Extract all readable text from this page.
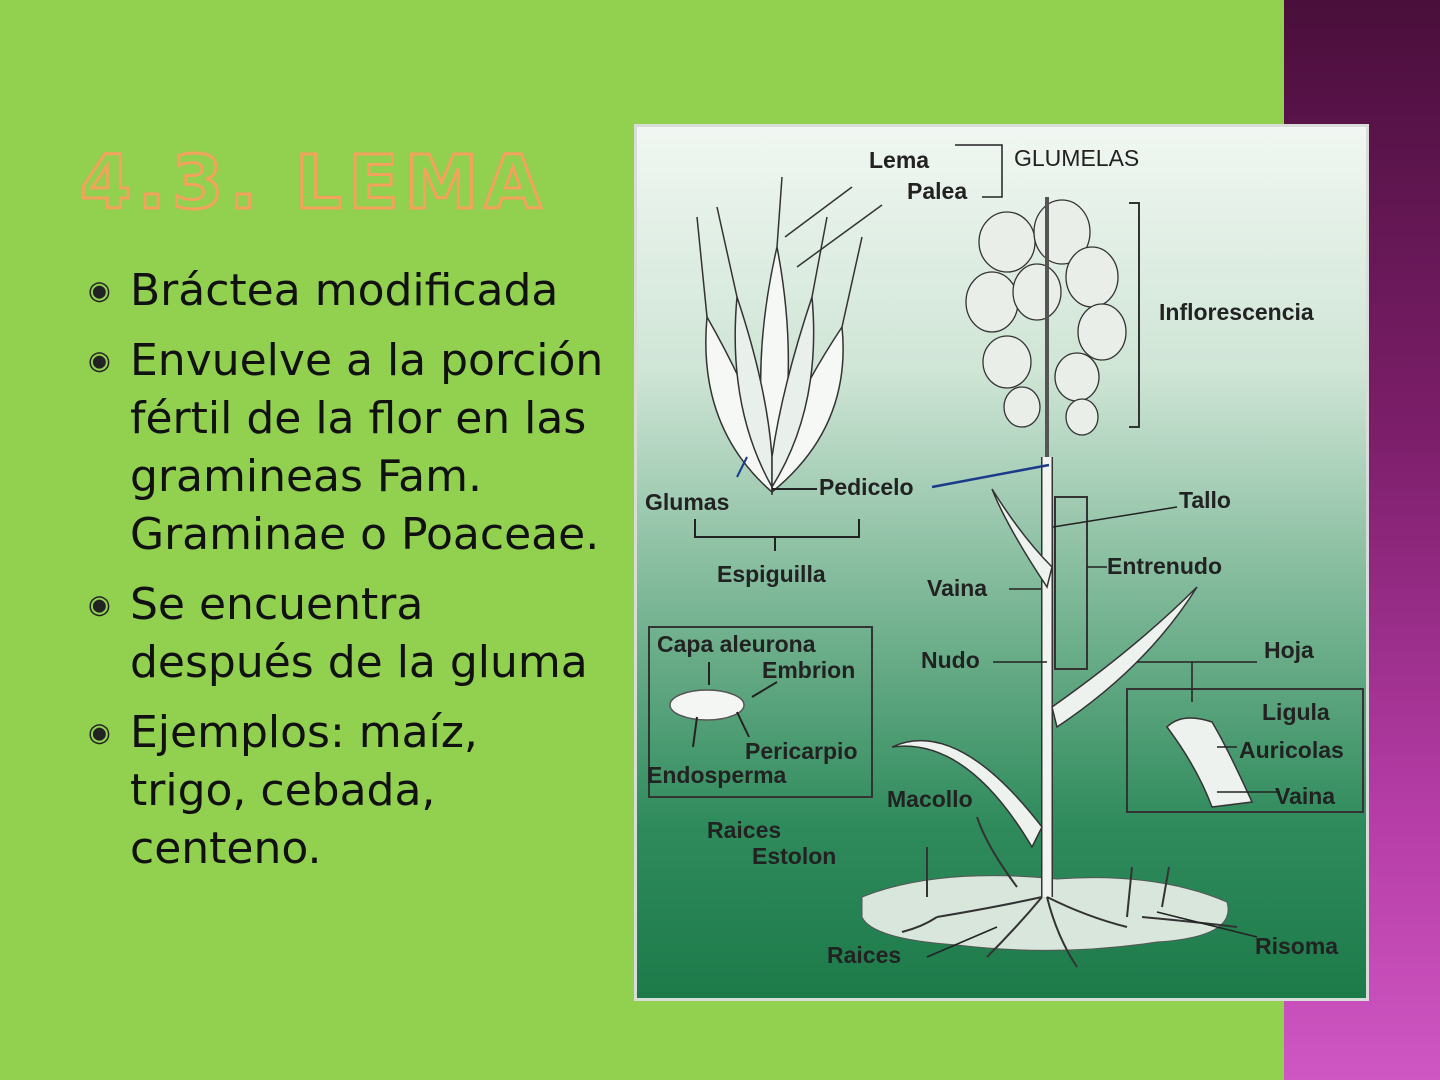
4.3. LEMA
◉ Bráctea modificada
◉ Envuelve a la porción fértil de la flor en las gramineas Fam. Graminae o Poaceae.
◉ Se encuentra después de la gluma
◉ Ejemplos: maíz, trigo, cebada, centeno.
Lema
Palea
GLUMELAS
Inflorescencia
Pedicelo
Glumas
Espiguilla
Tallo
Entrenudo
Vaina
Nudo	Hoja
Capa aleurona
Embrion
Pericarpio
Endosperma
Ligula
Auricolas
Vaina
Macollo
Raices
Estolon
Raices	Risoma
